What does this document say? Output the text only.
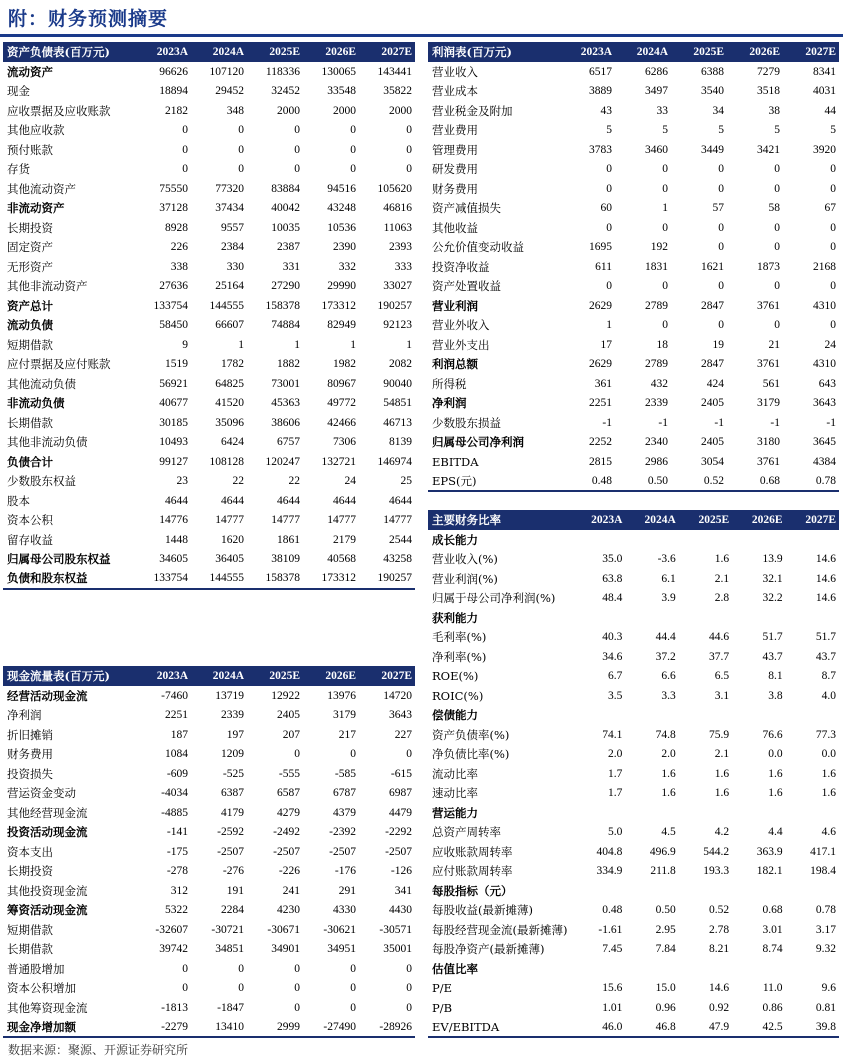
附：财务预测摘要
资产负债表(百万元)	2023A	2024A	2025E	2026E	2027E
流动资产	96626	107120	118336	130065	143441
现金	18894	29452	32452	33548	35822
应收票据及应收账款	2182	348	2000	2000	2000
其他应收款	0	0	0	0	0
预付账款	0	0	0	0	0
存货	0	0	0	0	0
其他流动资产	75550	77320	83884	94516	105620
非流动资产	37128	37434	40042	43248	46816
长期投资	8928	9557	10035	10536	11063
固定资产	226	2384	2387	2390	2393
无形资产	338	330	331	332	333
其他非流动资产	27636	25164	27290	29990	33027
资产总计	133754	144555	158378	173312	190257
流动负债	58450	66607	74884	82949	92123
短期借款	9	1	1	1	1
应付票据及应付账款	1519	1782	1882	1982	2082
其他流动负债	56921	64825	73001	80967	90040
非流动负债	40677	41520	45363	49772	54851
长期借款	30185	35096	38606	42466	46713
其他非流动负债	10493	6424	6757	7306	8139
负债合计	99127	108128	120247	132721	146974
少数股东权益	23	22	22	24	25
股本	4644	4644	4644	4644	4644
资本公积	14776	14777	14777	14777	14777
留存收益	1448	1620	1861	2179	2544
归属母公司股东权益	34605	36405	38109	40568	43258
负债和股东权益	133754	144555	158378	173312	190257
利润表(百万元)	2023A	2024A	2025E	2026E	2027E
营业收入	6517	6286	6388	7279	8341
营业成本	3889	3497	3540	3518	4031
营业税金及附加	43	33	34	38	44
营业费用	5	5	5	5	5
管理费用	3783	3460	3449	3421	3920
研发费用	0	0	0	0	0
财务费用	0	0	0	0	0
资产减值损失	60	1	57	58	67
其他收益	0	0	0	0	0
公允价值变动收益	1695	192	0	0	0
投资净收益	611	1831	1621	1873	2168
资产处置收益	0	0	0	0	0
营业利润	2629	2789	2847	3761	4310
营业外收入	1	0	0	0	0
营业外支出	17	18	19	21	24
利润总额	2629	2789	2847	3761	4310
所得税	361	432	424	561	643
净利润	2251	2339	2405	3179	3643
少数股东损益	-1	-1	-1	-1	-1
归属母公司净利润	2252	2340	2405	3180	3645
EBITDA	2815	2986	3054	3761	4384
EPS(元)	0.48	0.50	0.52	0.68	0.78
主要财务比率	2023A	2024A	2025E	2026E	2027E
成长能力					
营业收入(%)	35.0	-3.6	1.6	13.9	14.6
营业利润(%)	63.8	6.1	2.1	32.1	14.6
归属于母公司净利润(%)	48.4	3.9	2.8	32.2	14.6
获利能力					
毛利率(%)	40.3	44.4	44.6	51.7	51.7
净利率(%)	34.6	37.2	37.7	43.7	43.7
ROE(%)	6.7	6.6	6.5	8.1	8.7
ROIC(%)	3.5	3.3	3.1	3.8	4.0
偿债能力					
资产负债率(%)	74.1	74.8	75.9	76.6	77.3
净负债比率(%)	2.0	2.0	2.1	0.0	0.0
流动比率	1.7	1.6	1.6	1.6	1.6
速动比率	1.7	1.6	1.6	1.6	1.6
营运能力					
总资产周转率	5.0	4.5	4.2	4.4	4.6
应收账款周转率	404.8	496.9	544.2	363.9	417.1
应付账款周转率	334.9	211.8	193.3	182.1	198.4
每股指标（元）					
每股收益(最新摊薄)	0.48	0.50	0.52	0.68	0.78
每股经营现金流(最新摊薄)	-1.61	2.95	2.78	3.01	3.17
每股净资产(最新摊薄)	7.45	7.84	8.21	8.74	9.32
估值比率					
P/E	15.6	15.0	14.6	11.0	9.6
P/B	1.01	0.96	0.92	0.86	0.81
EV/EBITDA	46.0	46.8	47.9	42.5	39.8
现金流量表(百万元)	2023A	2024A	2025E	2026E	2027E
经营活动现金流	-7460	13719	12922	13976	14720
净利润	2251	2339	2405	3179	3643
折旧摊销	187	197	207	217	227
财务费用	1084	1209	0	0	0
投资损失	-609	-525	-555	-585	-615
营运资金变动	-4034	6387	6587	6787	6987
其他经营现金流	-4885	4179	4279	4379	4479
投资活动现金流	-141	-2592	-2492	-2392	-2292
资本支出	-175	-2507	-2507	-2507	-2507
长期投资	-278	-276	-226	-176	-126
其他投资现金流	312	191	241	291	341
筹资活动现金流	5322	2284	4230	4330	4430
短期借款	-32607	-30721	-30671	-30621	-30571
长期借款	39742	34851	34901	34951	35001
普通股增加	0	0	0	0	0
资本公积增加	0	0	0	0	0
其他筹资现金流	-1813	-1847	0	0	0
现金净增加额	-2279	13410	2999	-27490	-28926
数据来源：聚源、开源证券研究所
